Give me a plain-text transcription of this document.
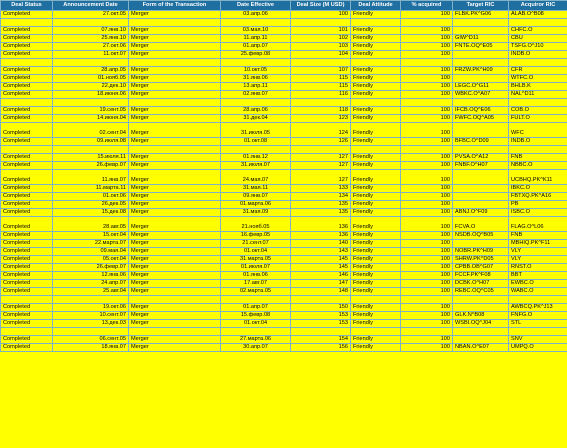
Deal Status	Announcement Date	Form of the Transaction	Date Effective	Deal Size (M USD)	Deal Attitude	% acquired	Target RIC	Acquiror RIC
Completed	27.окт.05	Merger	03.апр.06	100	Friendly	100	FLBK.PK^G06	ALAB.O^B08

Completed	07.янв.10	Merger	03.мая.10	101	Friendly	100		CHFC.O
Completed	25.янв.10	Merger	11.апр.11	102	Friendly	100	GIW^D11	CBU
Completed	27.окт.06	Merger	01.апр.07	103	Friendly	100	FNTE.OQ^E05	TSFG.O^J10
Completed	11.окт.07	Merger	25.февр.08	104	Friendly	100		INDB.O

Completed	28.апр.05	Merger	10.окт.05	107	Friendly	100	FRZW.PK^H09	CFR
Completed	01.нояб.05	Merger	31.янв.06	115	Friendly	100		WTFC.O
Completed	22.дек.10	Merger	13.апр.11	115	Friendly	100	LEGC.O^G11	BHLB.K
Completed	18.июня.06	Merger	02.янв.07	116	Friendly	100	WBKC.O^A07	NAL^D11

Completed	19.сент.05	Merger	28.апр.06	118	Friendly	100	IFCB.OQ^E06	COB.O
Completed	14.июня.04	Merger	31.дек.04	123	Friendly	100	FWFC.OQ^A05	FULT.O
Completed	02.сент.04	Merger	31.июля.05	124	Friendly	100		WFC
Completed	09.июля.08	Merger	01.окт.08	126	Friendly	100	BFBC.O^D09	INDB.O

Completed	15.июля.11	Merger	01.янв.12	127	Friendly	100	PVSA.O^A12	FNB
Completed	26.февр.07	Merger	31.июля.07	127	Friendly	100	FNBF.O^H07	NBBC.O
Completed	11.янв.07	Merger	24.мая.07	127	Friendly	100		UCBHQ.PK^K11
Completed	11.марта.11	Merger	31.мая.11	133	Friendly	100		IBKC.O
Completed	01.окт.06	Merger	09.янв.07	134	Friendly	100		FBTXQ.PK^A16
Completed	26.дек.05	Merger	01.марта.06	135	Friendly	100		PB
Completed	15.дек.08	Merger	31.мая.09	135	Friendly	100	ABNJ.O^F09	ISBC.O
Completed	28.авг.05	Merger	21.нояб.05	136	Friendly	100	FCVA.O	FLAG.O^L06
Completed	15.окт.04	Merger	16.февр.05	136	Friendly	100	NSDB.OQ^B05	FNB
Completed	22.марта.07	Merger	21.сент.07	140	Friendly	100		MBHIQ.PK^F11
Completed	09.мая.04	Merger	01.окт.04	143	Friendly	100	NOBR.PK^H09	VLY
Completed	05.окт.04	Merger	31.марта.05	145	Friendly	100	SHRW.PK^D05	VLY
Completed	26.февр.07	Merger	01.июля.07	145	Friendly	100	CPBB.OB^G07	RNST.O
Completed	12.янв.06	Merger	01.янв.06	146	Friendly	100	FCCF.PK^F08	BBT
Completed	24.апр.07	Merger	17.авг.07	147	Friendly	100	DCBK.O^H07	EWBC.O
Completed	25.авг.04	Merger	02.марта.05	148	Friendly	100	REBC.OQ^C05	WABC.O

Completed	19.окт.06	Merger	01.апр.07	150	Friendly	100		AWBCQ.PK^J13
Completed	10.сент.07	Merger	15.февр.08	153	Friendly	100	GLK.N^B08	FNFG.O
Completed	13.дек.03	Merger	01.окт.04	153	Friendly	100	WSBI.OQ^J04	STL

Completed	06.сент.05	Merger	27.марта.06	154	Friendly	100		SNV
Completed	18.янв.07	Merger	30.апр.07	156	Friendly	100	NBAN.O^E07	UMPQ.O
